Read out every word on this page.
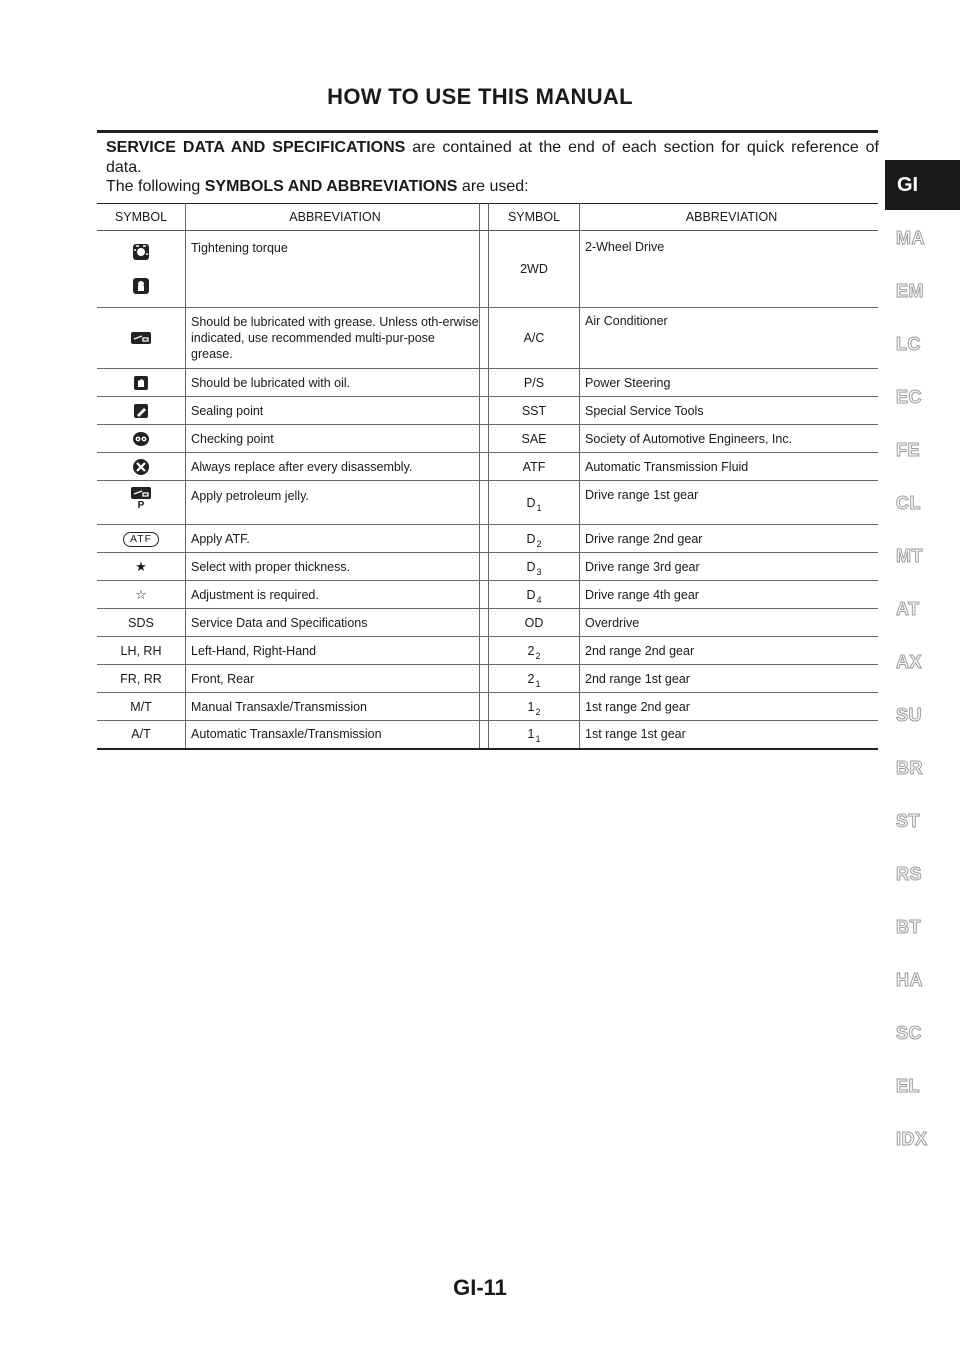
HOW TO USE THIS MANUAL
SERVICE DATA AND SPECIFICATIONS are contained at the end of each section for quick reference of data.
The following SYMBOLS AND ABBREVIATIONS are used:
SYMBOL	ABBREVIATION		SYMBOL	ABBREVIATION

	Tightening torque		2WD	2-Wheel Drive

	Should be lubricated with grease. Unless oth-erwise indicated, use recommended multi-pur-pose grease.		A/C	Air Conditioner

	Should be lubricated with oil.		P/S	Power Steering

	Sealing point		SST	Special Service Tools

	Checking point		SAE	Society of Automotive Engineers, Inc.

	Always replace after every disassembly.		ATF	Automatic Transmission Fluid

P	Apply petroleum jelly.		$D_1$	Drive range 1st gear
ATF	Apply ATF.		$D_2$	Drive range 2nd gear
★	Select with proper thickness.		$D_3$	Drive range 3rd gear
☆	Adjustment is required.		$D_4$	Drive range 4th gear
SDS	Service Data and Specifications		OD	Overdrive
LH, RH	Left-Hand, Right-Hand		$2_2$	2nd range 2nd gear
FR, RR	Front, Rear		$2_1$	2nd range 1st gear
M/T	Manual Transaxle/Transmission		$1_2$	1st range 2nd gear
A/T	Automatic Transaxle/Transmission		$1_1$	1st range 1st gear
GI
MA
EM
LC
EC
FE
CL
MT
AT
AX
SU
BR
ST
RS
BT
HA
SC
EL
IDX
GI-11
